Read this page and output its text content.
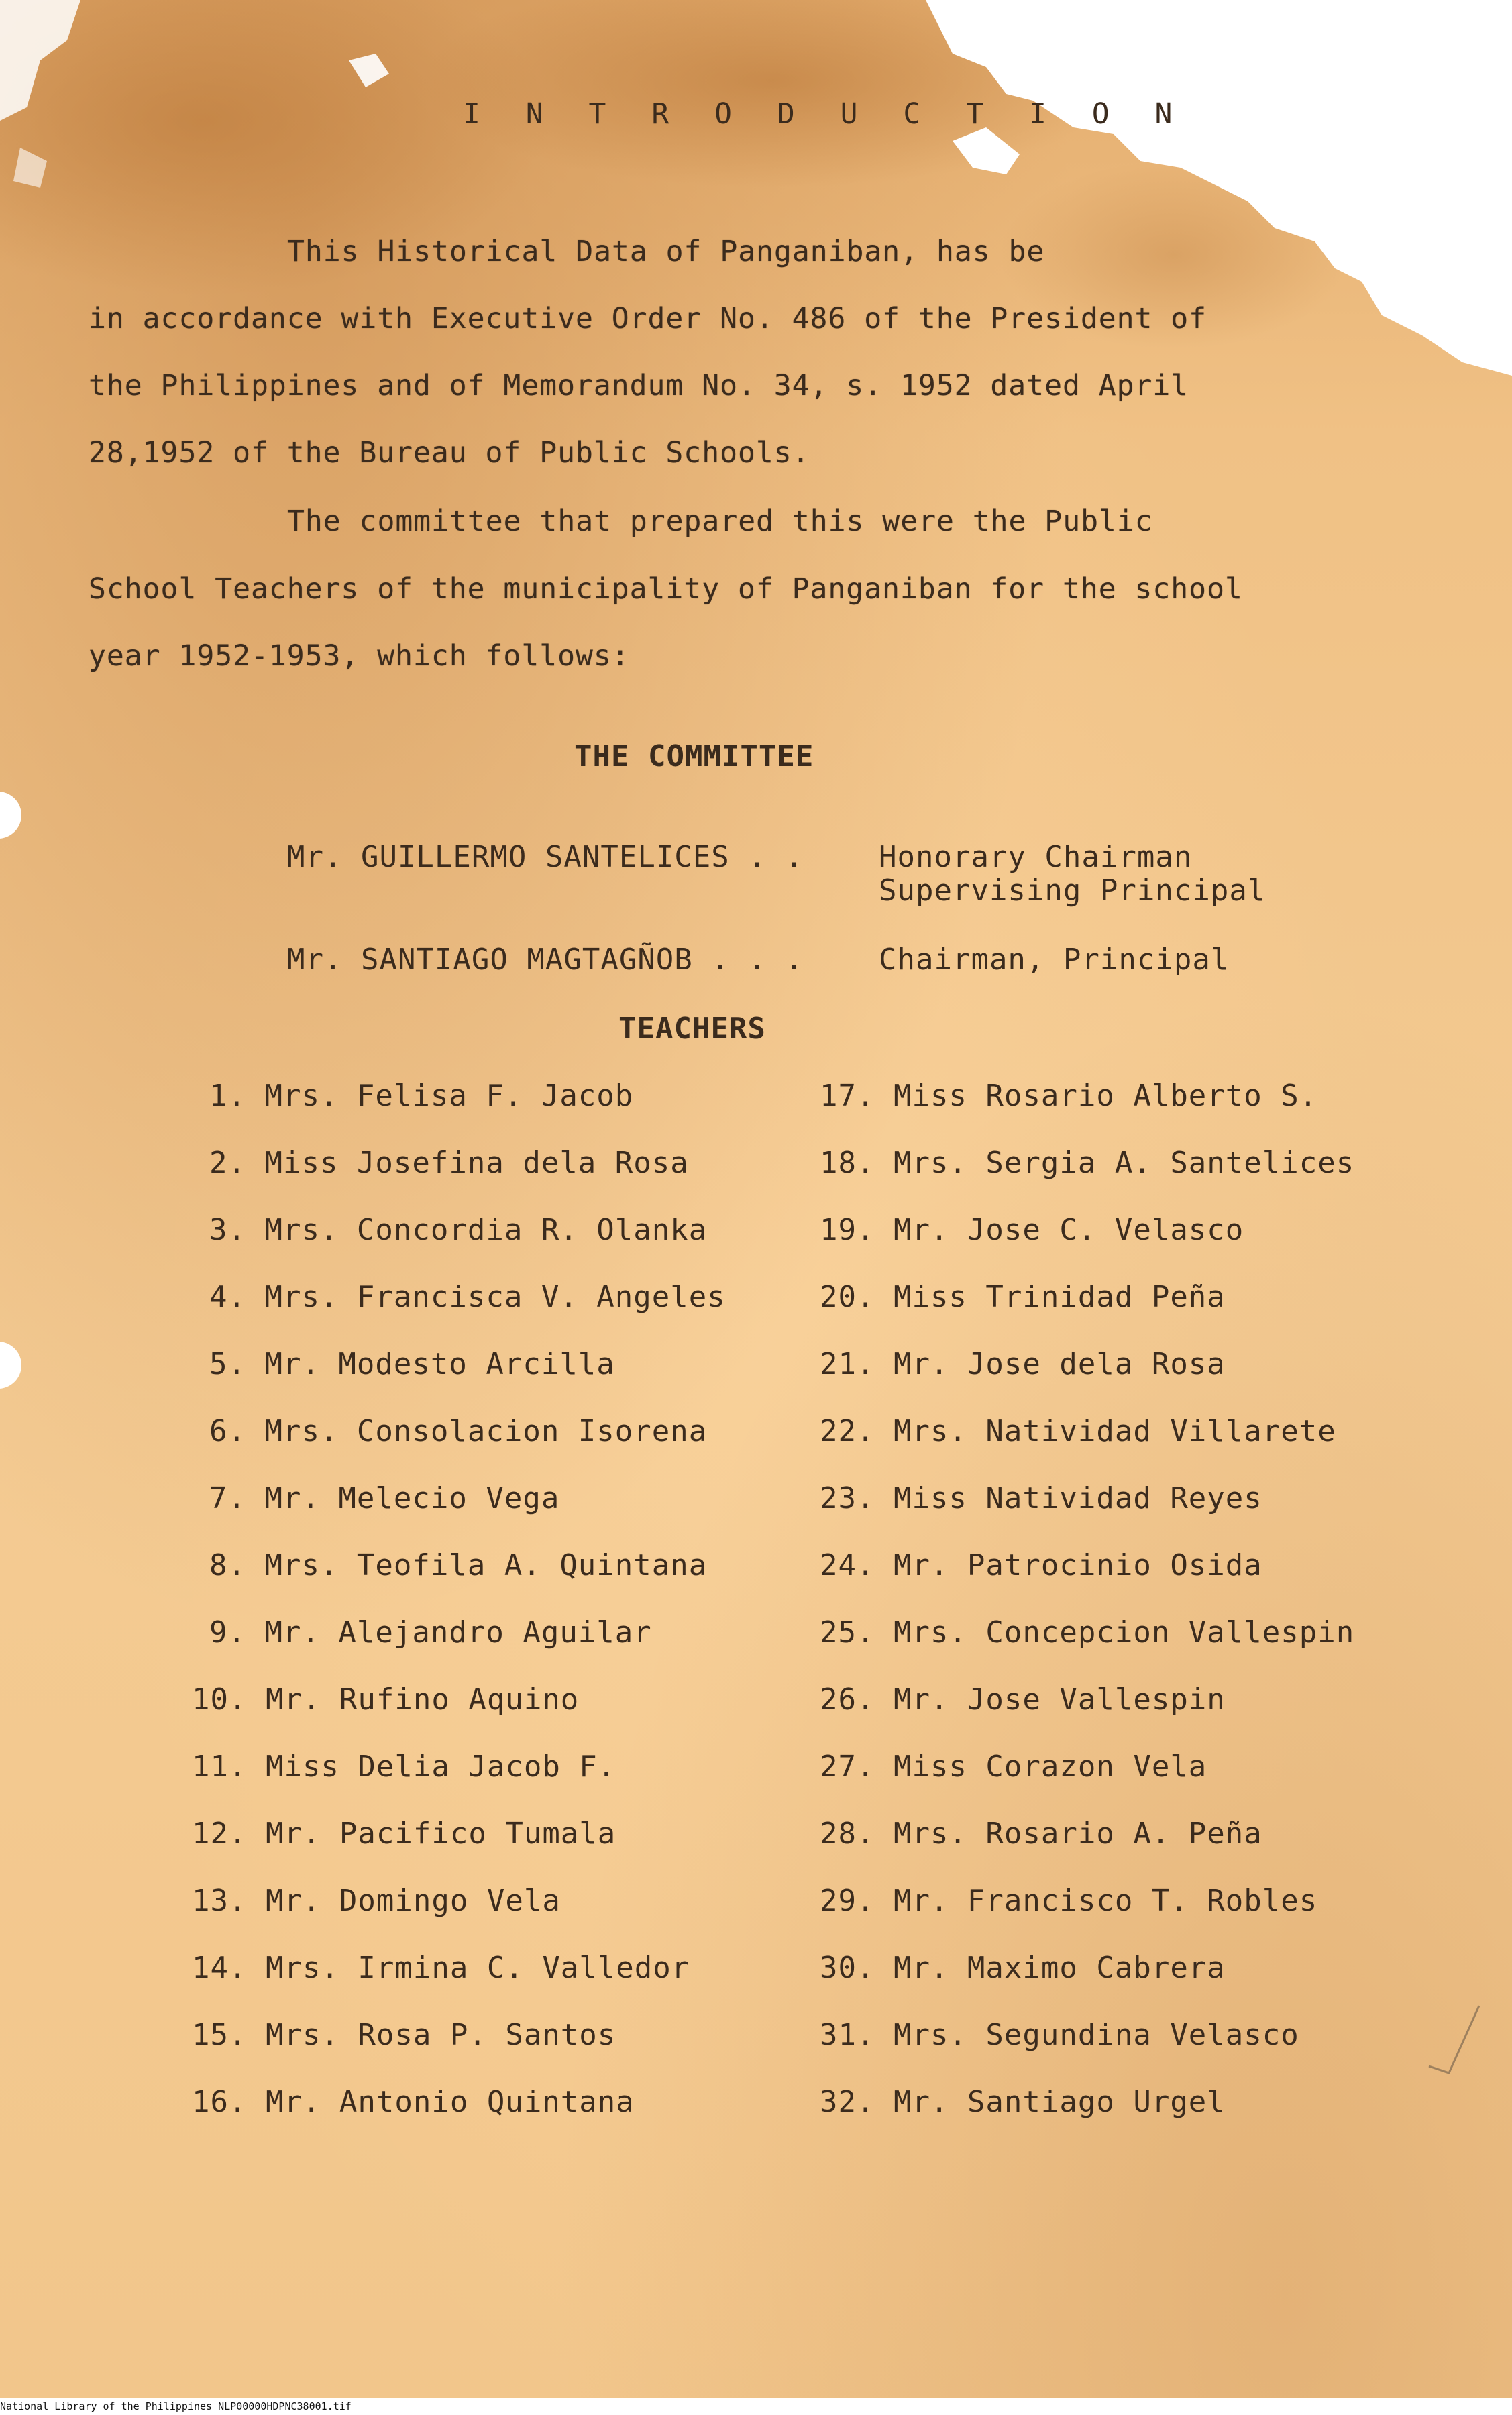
I N T R O D U C T I O N
This Historical Data of Panganiban, has be
in accordance with Executive Order No. 486 of the President of
the Philippines and of Memorandum No. 34, s. 1952 dated April
28,1952 of the Bureau of Public Schools.
The committee that prepared this were the Public
School Teachers of the municipality of Panganiban for the school
year 1952-1953, which follows:
THE COMMITTEE
Mr. GUILLERMO SANTELICES . .	Honorary Chairman
Supervising Principal
Mr. SANTIAGO MAGTAGÑOB . . .	Chairman, Principal
TEACHERS
1. Mrs. Felisa F. Jacob
2. Miss Josefina dela Rosa
3. Mrs. Concordia R. Olanka
4. Mrs. Francisca V. Angeles
5. Mr. Modesto Arcilla
6. Mrs. Consolacion Isorena
7. Mr. Melecio Vega
8. Mrs. Teofila A. Quintana
9. Mr. Alejandro Aguilar
10. Mr. Rufino Aquino
11. Miss Delia Jacob F.
12. Mr. Pacifico Tumala
13. Mr. Domingo Vela
14. Mrs. Irmina C. Valledor
15. Mrs. Rosa P. Santos
16. Mr. Antonio Quintana
17. Miss Rosario Alberto S.
18. Mrs. Sergia A. Santelices
19. Mr. Jose C. Velasco
20. Miss Trinidad Peña
21. Mr. Jose dela Rosa
22. Mrs. Natividad Villarete
23. Miss Natividad Reyes
24. Mr. Patrocinio Osida
25. Mrs. Concepcion Vallespin
26. Mr. Jose Vallespin
27. Miss Corazon Vela
28. Mrs. Rosario A. Peña
29. Mr. Francisco T. Robles
30. Mr. Maximo Cabrera
31. Mrs. Segundina Velasco
32. Mr. Santiago Urgel
National Library of the Philippines NLP00000HDPNC38001.tif
